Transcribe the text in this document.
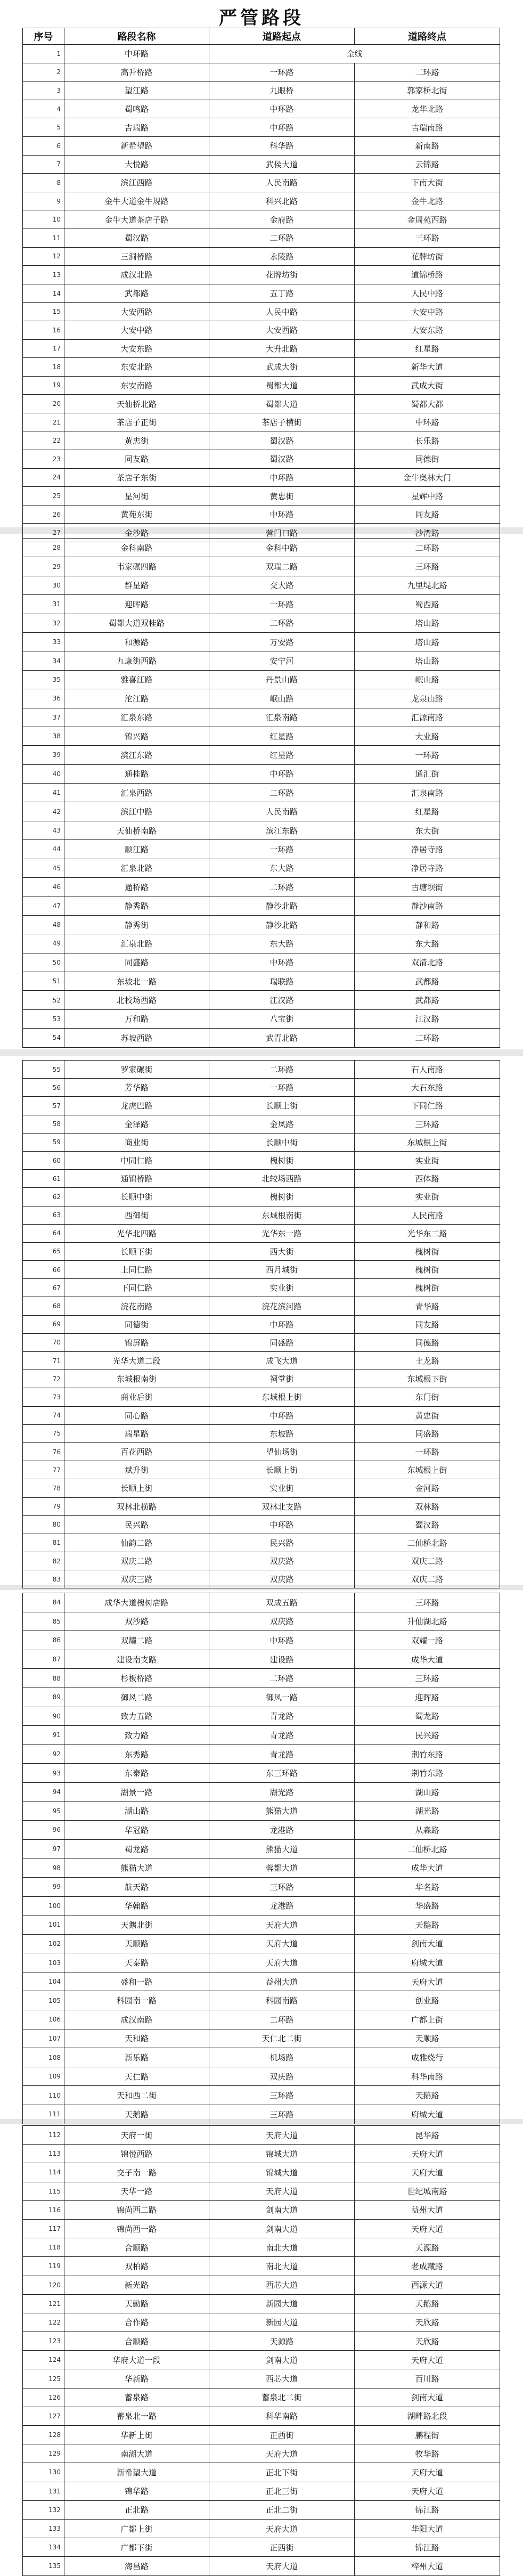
严管路段
序号	路段名称	道路起点	道路终点
1	中环路	全线	
2	高升桥路	一环路	二环路
3	望江路	九眼桥	郭家桥北街
4	蜀鸣路	中环路	龙华北路
5	吉瑞路	中环路	吉瑞南路
6	新希望路	科华路	新南路
7	大悦路	武侯大道	云锦路
8	滨江西路	人民南路	下南大街
9	金牛大道金牛规路	科兴北路	金牛北路
10	金牛大道茶店子路	金府路	金周苑西路
11	蜀汉路	二环路	三环路
12	三洞桥路	永陵路	花牌坊街
13	成汉北路	花牌坊街	道锦桥路
14	武都路	五丁路	人民中路
15	大安西路	人民中路	大安中路
16	大安中路	大安西路	大安东路
17	大安东路	大升北路	红星路
18	东安北路	武成大街	新华大道
19	东安南路	蜀都大道	武成大街
20	天仙桥北路	蜀都大道	蜀都大都
21	茶店子正街	茶店子横街	中环路
22	黄忠街	蜀汉路	长乐路
23	同友路	蜀汉路	同德街
24	茶店子东街	中环路	金牛奥林大门
25	星河街	黄忠街	星辉中路
26	黄苑东街	中环路	同友路
27	金沙路	营门口路	沙湾路
28	金科南路	金科中路	二环路
29	韦家碾四路	双瑞二路	三环路
30	群星路	交大路	九里堤北路
31	迎晖路	一环路	蜀西路
32	蜀都大道双桂路	二环路	塔山路
33	和源路	万安路	塔山路
34	九康街西路	安宁河	塔山路
35	雅喜江路	丹景山路	岷山路
36	沱江路	岷山路	龙泉山路
37	汇泉东路	汇泉南路	汇源南路
38	锦兴路	红星路	大业路
39	滨江东路	红星路	一环路
40	通桂路	中环路	通汇街
41	汇泉西路	二环路	汇泉南路
42	滨江中路	人民南路	红星路
43	天仙桥南路	滨江东路	东大街
44	顺江路	一环路	净居寺路
45	汇泉北路	东大路	净居寺路
46	通桥路	二环路	古塘坝街
47	静秀路	静沙北路	静沙南路
48	静秀街	静沙北路	静和路
49	汇泉北路	东大路	东大路
50	同盛路	中环路	双清北路
51	东坡北一路	瑞联路	武都路
52	北校场西路	江汉路	武都路
53	万和路	八宝街	江汉路
54	苏坡西路	武青北路	二环路
55	罗家碾街	二环路	石人南路
56	芳华路	一环路	大石东路
57	龙虎巴路	长顺上街	下同仁路
58	金泽路	金凤路	三环路
59	商业街	长顺中街	东城根上街
60	中同仁路	槐树街	实业街
61	通锦桥路	北较场西路	西体路
62	长顺中街	槐树街	实业街
63	西御街	东城根南街	人民南路
64	光华北四路	光华东一路	光华东二路
65	长顺下街	西大街	槐树街
66	上同仁路	西月城街	槐树街
67	下同仁路	实业街	槐树街
68	浣花南路	浣花滨河路	青华路
69	同德街	中环路	同友路
70	锦屏路	同盛路	同德路
71	光华大道二段	成飞大道	土龙路
72	东城根南街	祠堂街	东城根下街
73	商业后街	东城根上街	东门街
74	同心路	中环路	黄忠街
75	瑞星路	东坡路	同盛路
76	百花西路	望仙场街	一环路
77	斌升街	长顺上街	东城根上街
78	长顺上街	实业街	金河路
79	双林北横路	双林北支路	双林路
80	民兴路	中环路	蜀汉路
81	仙韵二路	民兴路	二仙桥北路
82	双庆二路	双庆路	双庆二路
83	双庆三路	双庆路	双庆二路
84	成华大道槐树店路	双成五路	三环路
85	双沙路	双庆路	升仙湖北路
86	双耀二路	中环路	双耀一路
87	建设南支路	建设路	成华大道
88	杉板桥路	二环路	三环路
89	御风二路	御风一路	迎晖路
90	致力五路	青龙路	蜀龙路
91	致力路	青龙路	民兴路
92	东秀路	青龙路	荆竹东路
93	东泰路	东三环路	荆竹东路
94	湖景一路	湖光路	湖山路
95	湖山路	熊猫大道	湖光路
96	华冠路	龙港路	从森路
97	蜀龙路	熊猫大道	二仙桥北路
98	熊猫大道	蓉都大道	成华大道
99	航天路	三环路	华名路
100	华翰路	龙港路	华盛路
101	天鹅北街	天府大道	天鹅路
102	天顺路	天府大道	剑南大道
103	天泰路	天府大道	府城大道
104	盛和一路	益州大道	天府大道
105	科园南一路	科园南路	创业路
106	成汉南路	二环路	广都上街
107	天和路	天仁北二街	天顺路
108	新乐路	机场路	成雅绕行
109	天仁路	双庆路	科华南路
110	天和西二街	三环路	天鹅路
111	天鹅路	三环路	府城大道
112	天府一街	天府大道	昆华路
113	锦悦西路	锦城大道	天府大道
114	交子南一路	锦城大道	天府大道
115	天华一路	天府大道	世纪城南路
116	锦尚西二路	剑南大道	益州大道
117	锦尚西一路	剑南大道	天府大道
118	合顺路	南北大道	天源路
119	双柏路	南北大道	老成藏路
120	新光路	西芯大道	西源大道
121	天勤路	新园大道	天鹅路
122	合作路	新园大道	天欣路
123	合顺路	天源路	天欣路
124	华府大道一段	剑南大道	天府大道
125	华新路	西芯大道	百川路
126	蓄泉路	蓄泉北二街	剑南大道
127	蓄泉北一路	科华南路	湖畔路北段
128	华新上街	正西街	鹏程街
129	南湖大道	天府大道	牧华路
130	新希望大道	正北下街	天府大道
131	锦华路	正北三街	天府大道
132	正北路	正北二街	锦江路
133	广都上街	天府大道	华阳大道
134	广都下街	正西街	锦江路
135	海昌路	天府大道	梓州大道
